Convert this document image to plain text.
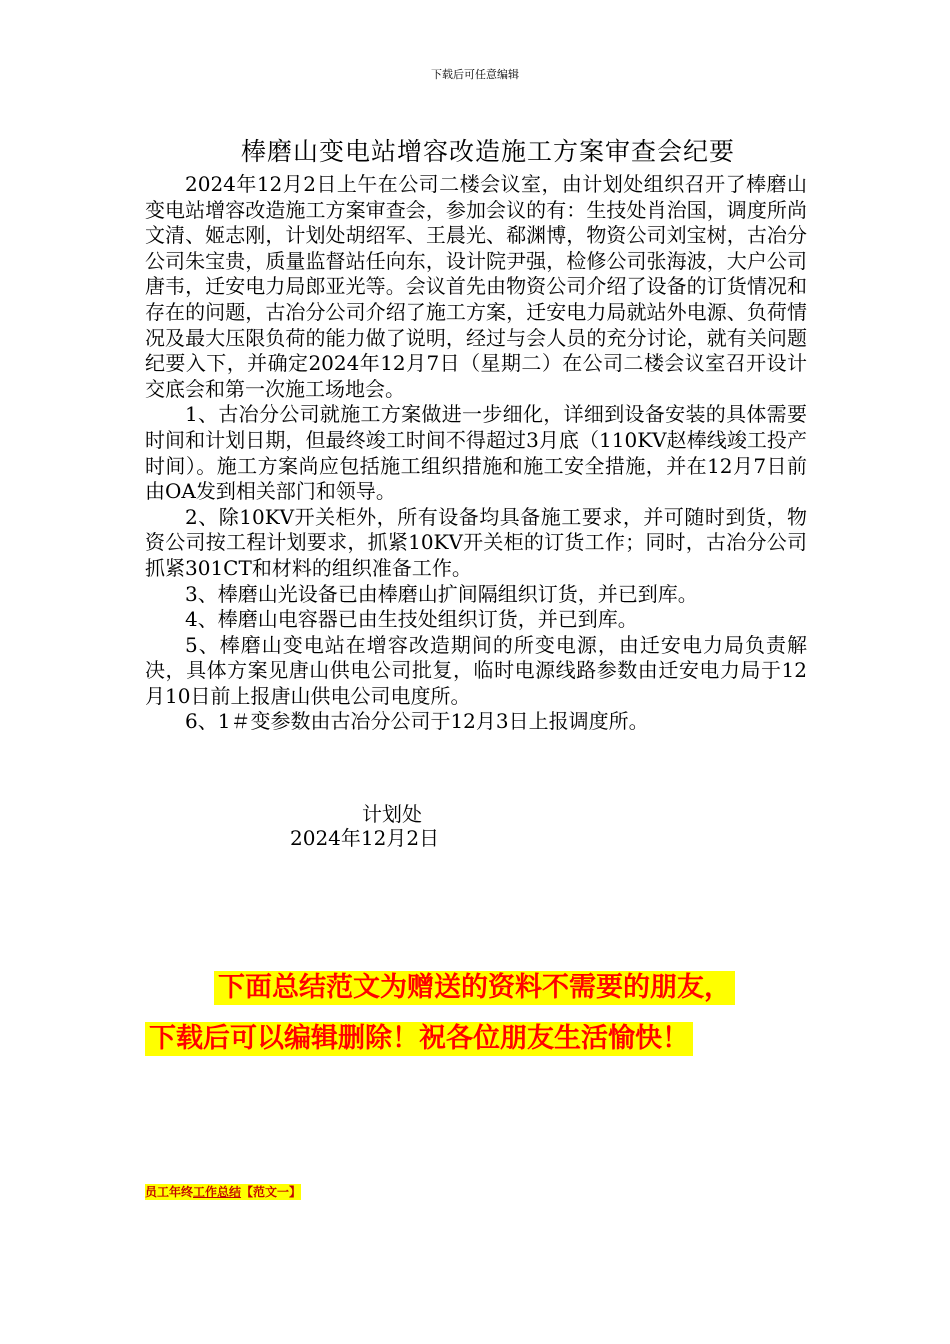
下载后可任意编辑
棒磨山变电站增容改造施工方案审查会纪要

2024年12月2日上午在公司二楼会议室，由计划处组织召开了棒磨山变电站增容改造施工方案审查会，参加会议的有：生技处肖治国，调度所尚文清、姬志刚，计划处胡绍军、王晨光、郗渊博，物资公司刘宝树，古冶分公司朱宝贵，质量监督站任向东，设计院尹强，检修公司张海波，大户公司唐韦，迁安电力局郎亚光等。会议首先由物资公司介绍了设备的订货情况和存在的问题，古冶分公司介绍了施工方案，迁安电力局就站外电源、负荷情况及最大压限负荷的能力做了说明，经过与会人员的充分讨论，就有关问题纪要入下，并确定2024年12月7日（星期二）在公司二楼会议室召开设计交底会和第一次施工场地会。

1、古冶分公司就施工方案做进一步细化，详细到设备安装的具体需要时间和计划日期，但最终竣工时间不得超过3月底（110KV赵棒线竣工投产时间）。施工方案尚应包括施工组织措施和施工安全措施，并在12月7日前由OA发到相关部门和领导。

2、除10KV开关柜外，所有设备均具备施工要求，并可随时到货，物资公司按工程计划要求，抓紧10KV开关柜的订货工作；同时，古冶分公司抓紧301CT和材料的组织准备工作。

3、棒磨山光设备已由棒磨山扩间隔组织订货，并已到库。

4、棒磨山电容器已由生技处组织订货，并已到库。

5、棒磨山变电站在增容改造期间的所变电源，由迁安电力局负责解决，具体方案见唐山供电公司批复，临时电源线路参数由迁安电力局于12月10日前上报唐山供电公司电度所。

6、1＃变参数由古冶分公司于12月3日上报调度所。

计划处
2024年12月2日
下面总结范文为赠送的资料不需要的朋友，
下载后可以编辑删除！祝各位朋友生活愉快！
员工年终工作总结【范文一】
